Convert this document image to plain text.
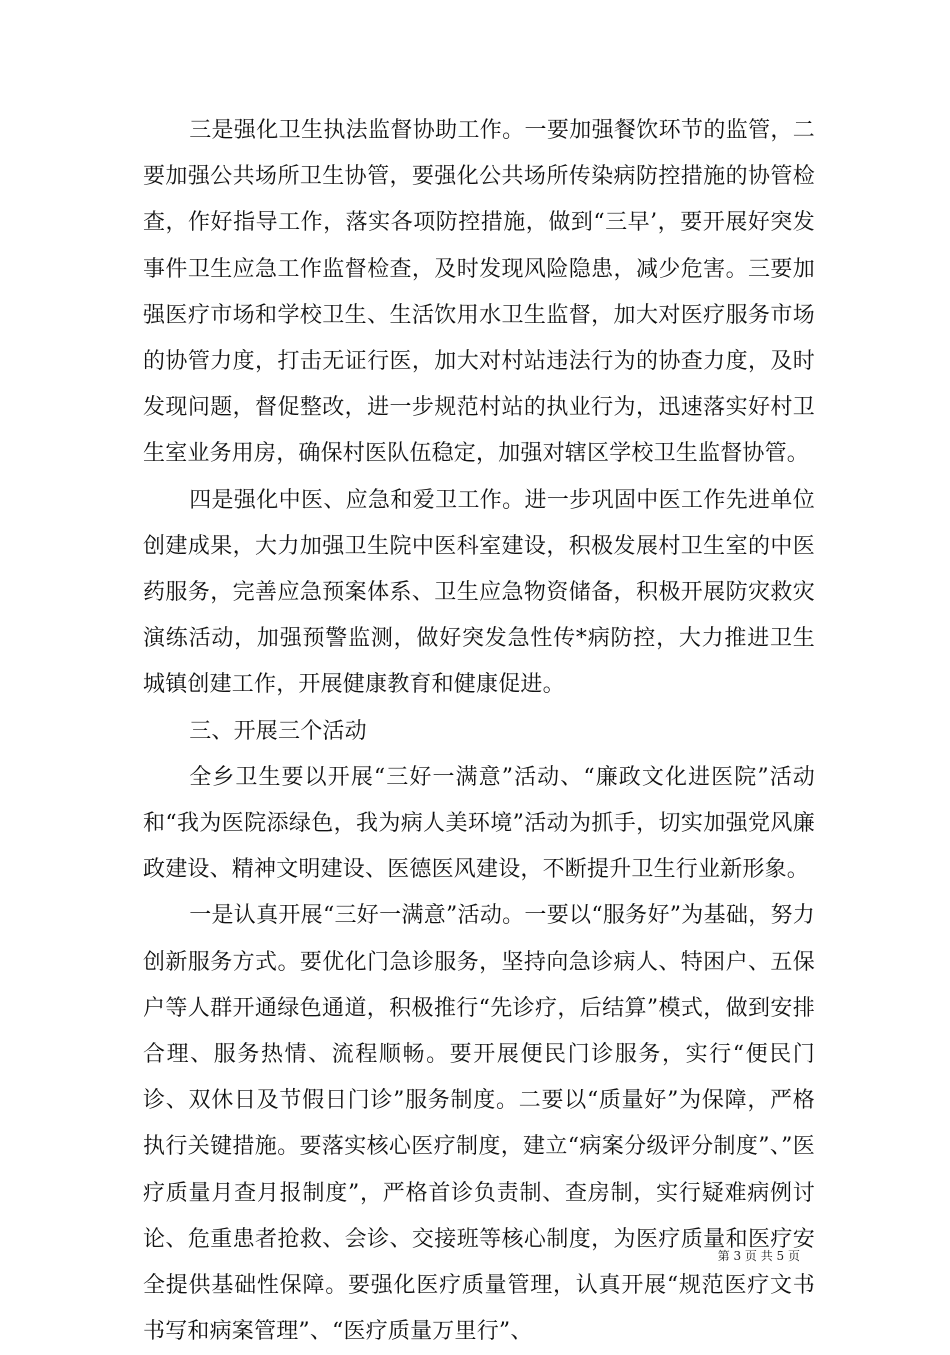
三是强化卫生执法监督协助工作。一要加强餐饮环节的监管，二要加强公共场所卫生协管，要强化公共场所传染病防控措施的协管检查，作好指导工作，落实各项防控措施，做到“三早’，要开展好突发事件卫生应急工作监督检查，及时发现风险隐患，减少危害。三要加强医疗市场和学校卫生、生活饮用水卫生监督，加大对医疗服务市场的协管力度，打击无证行医，加大对村站违法行为的协查力度，及时发现问题，督促整改，进一步规范村站的执业行为，迅速落实好村卫生室业务用房，确保村医队伍稳定，加强对辖区学校卫生监督协管。

四是强化中医、应急和爱卫工作。进一步巩固中医工作先进单位创建成果，大力加强卫生院中医科室建设，积极发展村卫生室的中医药服务，完善应急预案体系、卫生应急物资储备，积极开展防灾救灾演练活动，加强预警监测，做好突发急性传*病防控，大力推进卫生城镇创建工作，开展健康教育和健康促进。

三、开展三个活动

全乡卫生要以开展“三好一满意”活动、“廉政文化进医院”活动和“我为医院添绿色，我为病人美环境”活动为抓手，切实加强党风廉政建设、精神文明建设、医德医风建设，不断提升卫生行业新形象。

一是认真开展“三好一满意”活动。一要以“服务好”为基础，努力创新服务方式。要优化门急诊服务，坚持向急诊病人、特困户、五保户等人群开通绿色通道，积极推行“先诊疗，后结算”模式，做到安排合理、服务热情、流程顺畅。要开展便民门诊服务，实行“便民门诊、双休日及节假日门诊”服务制度。二要以“质量好”为保障，严格执行关键措施。要落实核心医疗制度，建立“病案分级评分制度”、”医疗质量月查月报制度”，严格首诊负责制、查房制，实行疑难病例讨论、危重患者抢救、会诊、交接班等核心制度，为医疗质量和医疗安全提供基础性保障。要强化医疗质量管理，认真开展“规范医疗文书书写和病案管理”、“医疗质量万里行”、

第 3 页 共 5 页
